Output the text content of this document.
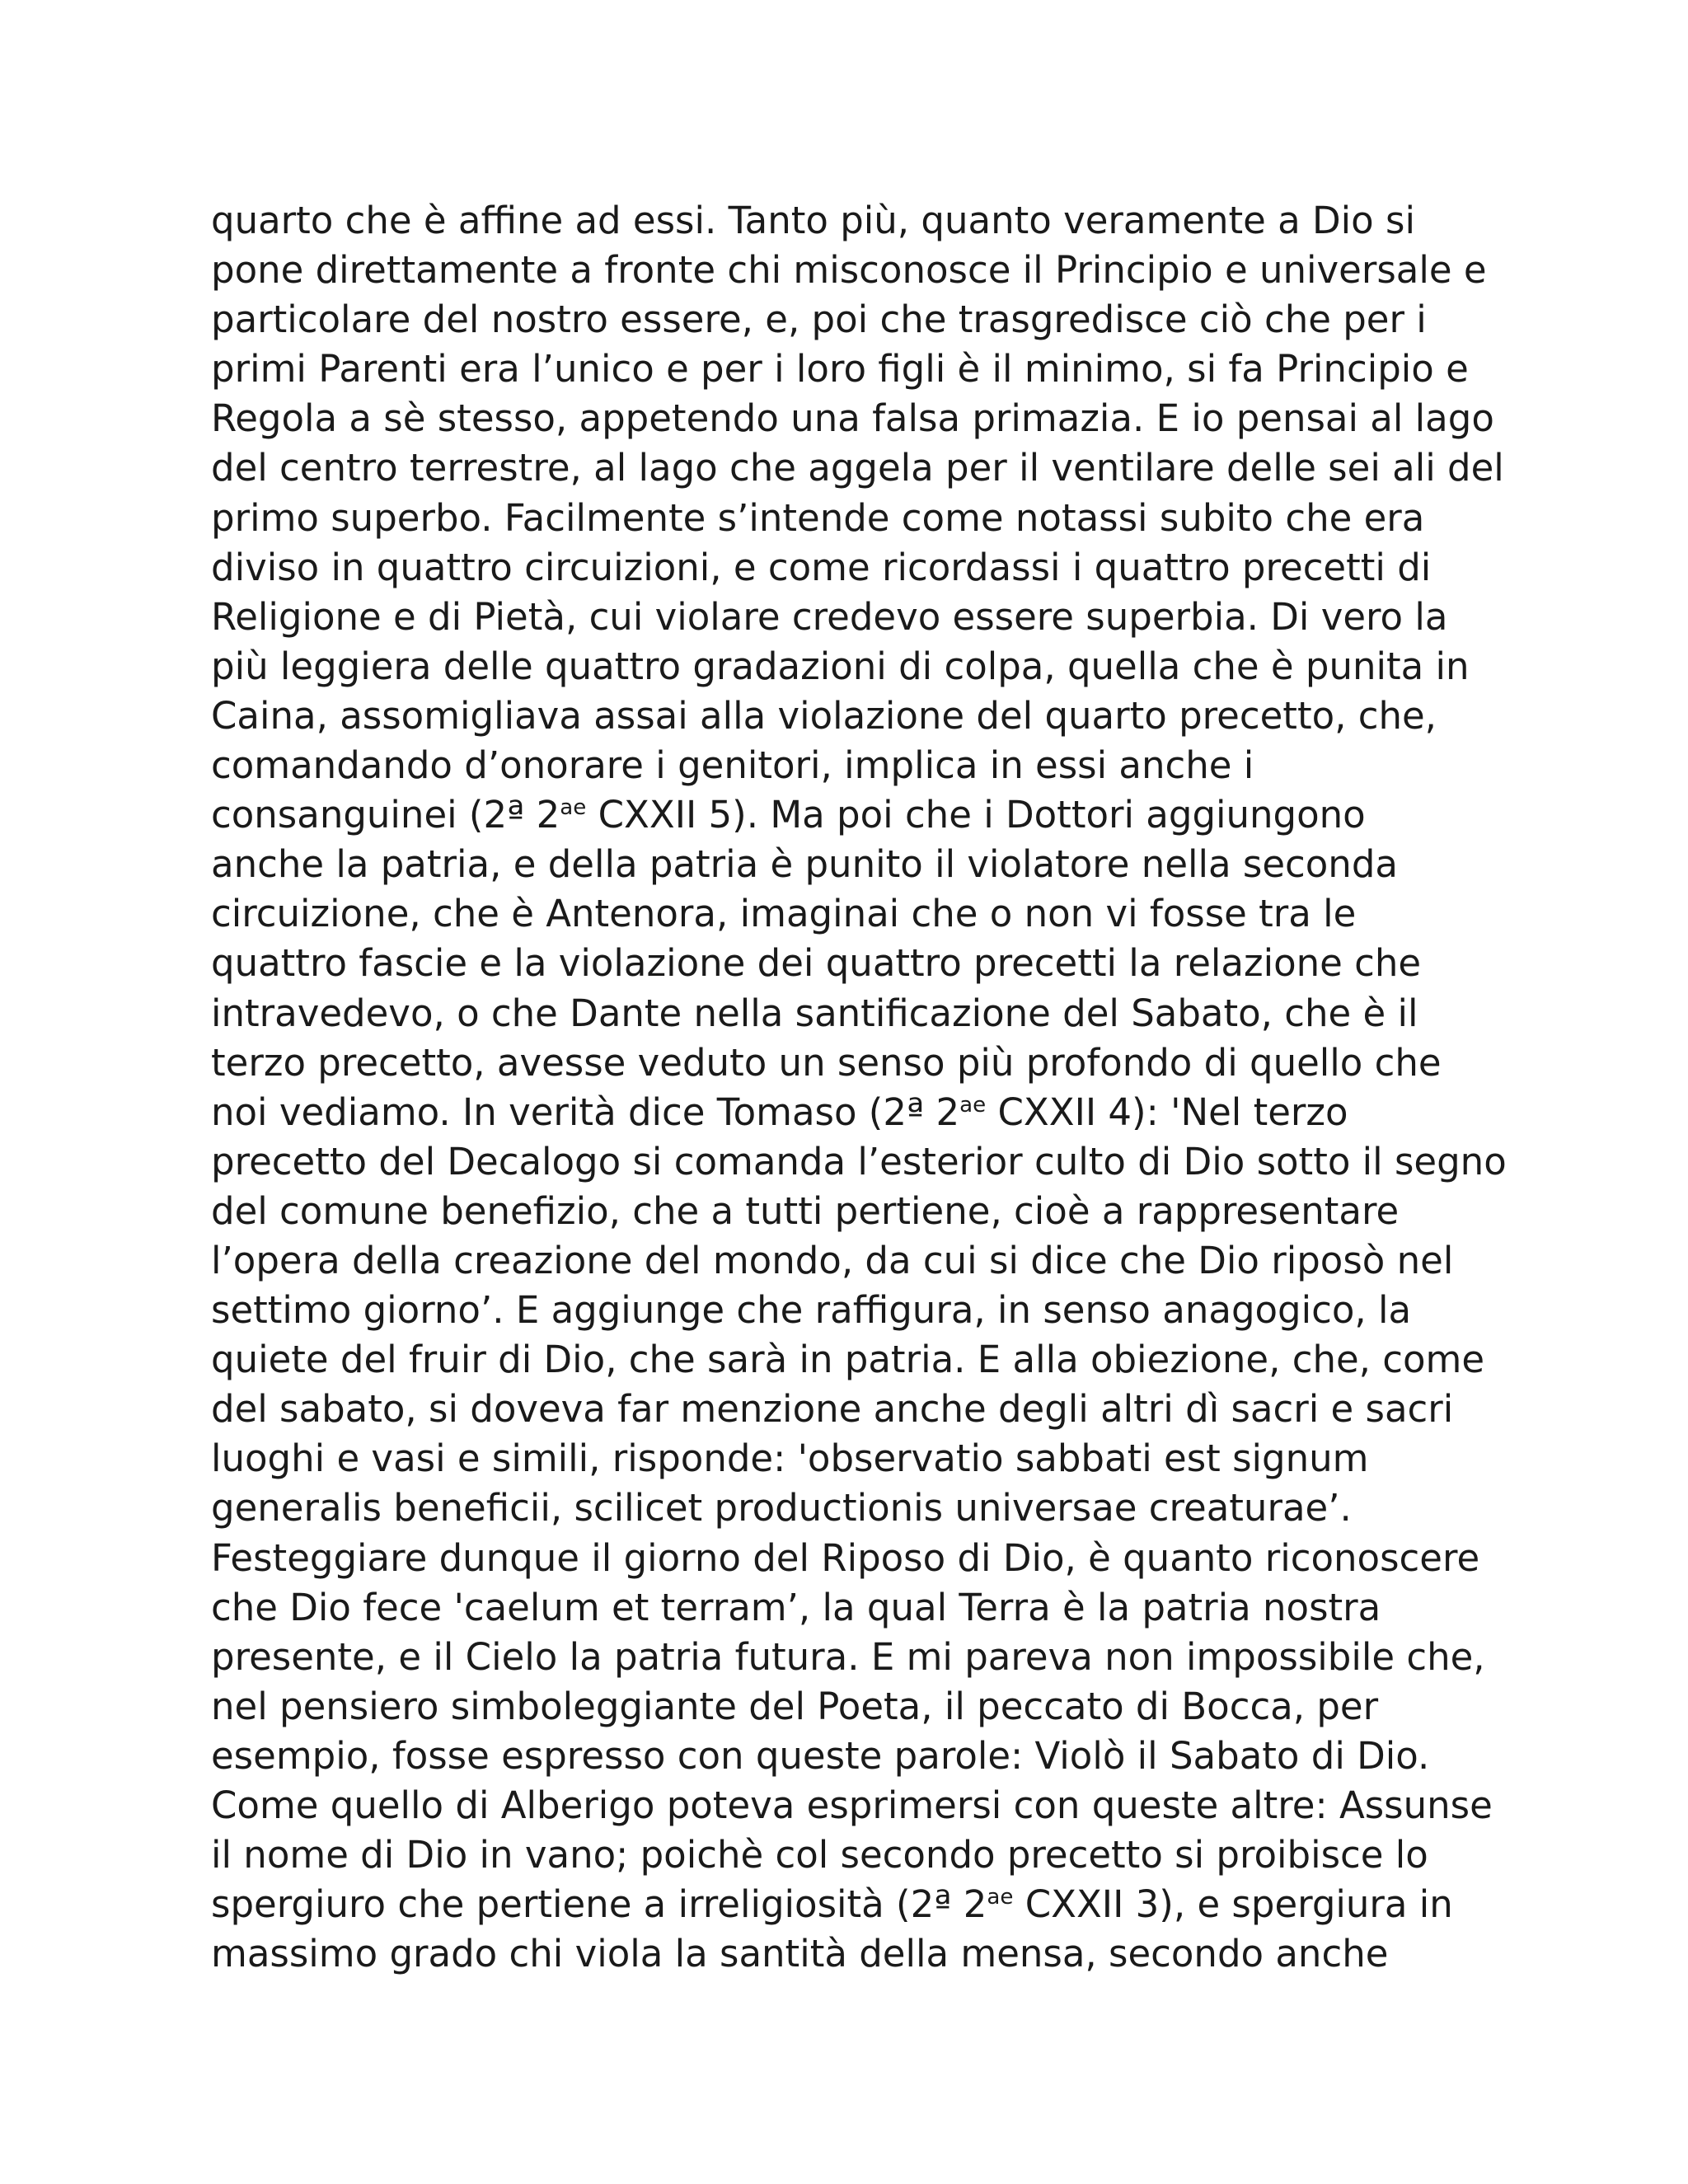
quarto che è affine ad essi. Tanto più, quanto veramente a Dio si
pone direttamente a fronte chi misconosce il Principio e universale e
particolare del nostro essere, e, poi che trasgredisce ciò che per i
primi Parenti era l’unico e per i loro figli è il minimo, si fa Principio e
Regola a sè stesso, appetendo una falsa primazia. E io pensai al lago
del centro terrestre, al lago che aggela per il ventilare delle sei ali del
primo superbo. Facilmente s’intende come notassi subito che era
diviso in quattro circuizioni, e come ricordassi i quattro precetti di
Religione e di Pietà, cui violare credevo essere superbia. Di vero la
più leggiera delle quattro gradazioni di colpa, quella che è punita in
Caina, assomigliava assai alla violazione del quarto precetto, che,
comandando d’onorare i genitori, implica in essi anche i
consanguinei (2ª $2^{ae}$ CXXII 5). Ma poi che i Dottori aggiungono
anche la patria, e della patria è punito il violatore nella seconda
circuizione, che è Antenora, imaginai che o non vi fosse tra le
quattro fascie e la violazione dei quattro precetti la relazione che
intravedevo, o che Dante nella santificazione del Sabato, che è il
terzo precetto, avesse veduto un senso più profondo di quello che
noi vediamo. In verità dice Tomaso (2ª $2^{ae}$ CXXII 4): 'Nel terzo
precetto del Decalogo si comanda l’esterior culto di Dio sotto il segno
del comune benefizio, che a tutti pertiene, cioè a rappresentare
l’opera della creazione del mondo, da cui si dice che Dio riposò nel
settimo giorno’. E aggiunge che raffigura, in senso anagogico, la
quiete del fruir di Dio, che sarà in patria. E alla obiezione, che, come
del sabato, si doveva far menzione anche degli altri dì sacri e sacri
luoghi e vasi e simili, risponde: 'observatio sabbati est signum
generalis beneficii, scilicet productionis universae creaturae’.
Festeggiare dunque il giorno del Riposo di Dio, è quanto riconoscere
che Dio fece 'caelum et terram’, la qual Terra è la patria nostra
presente, e il Cielo la patria futura. E mi pareva non impossibile che,
nel pensiero simboleggiante del Poeta, il peccato di Bocca, per
esempio, fosse espresso con queste parole: Violò il Sabato di Dio.
Come quello di Alberigo poteva esprimersi con queste altre: Assunse
il nome di Dio in vano; poichè col secondo precetto si proibisce lo
spergiuro che pertiene a irreligiosità (2ª $2^{ae}$ CXXII 3), e spergiura in
massimo grado chi viola la santità della mensa, secondo anche
